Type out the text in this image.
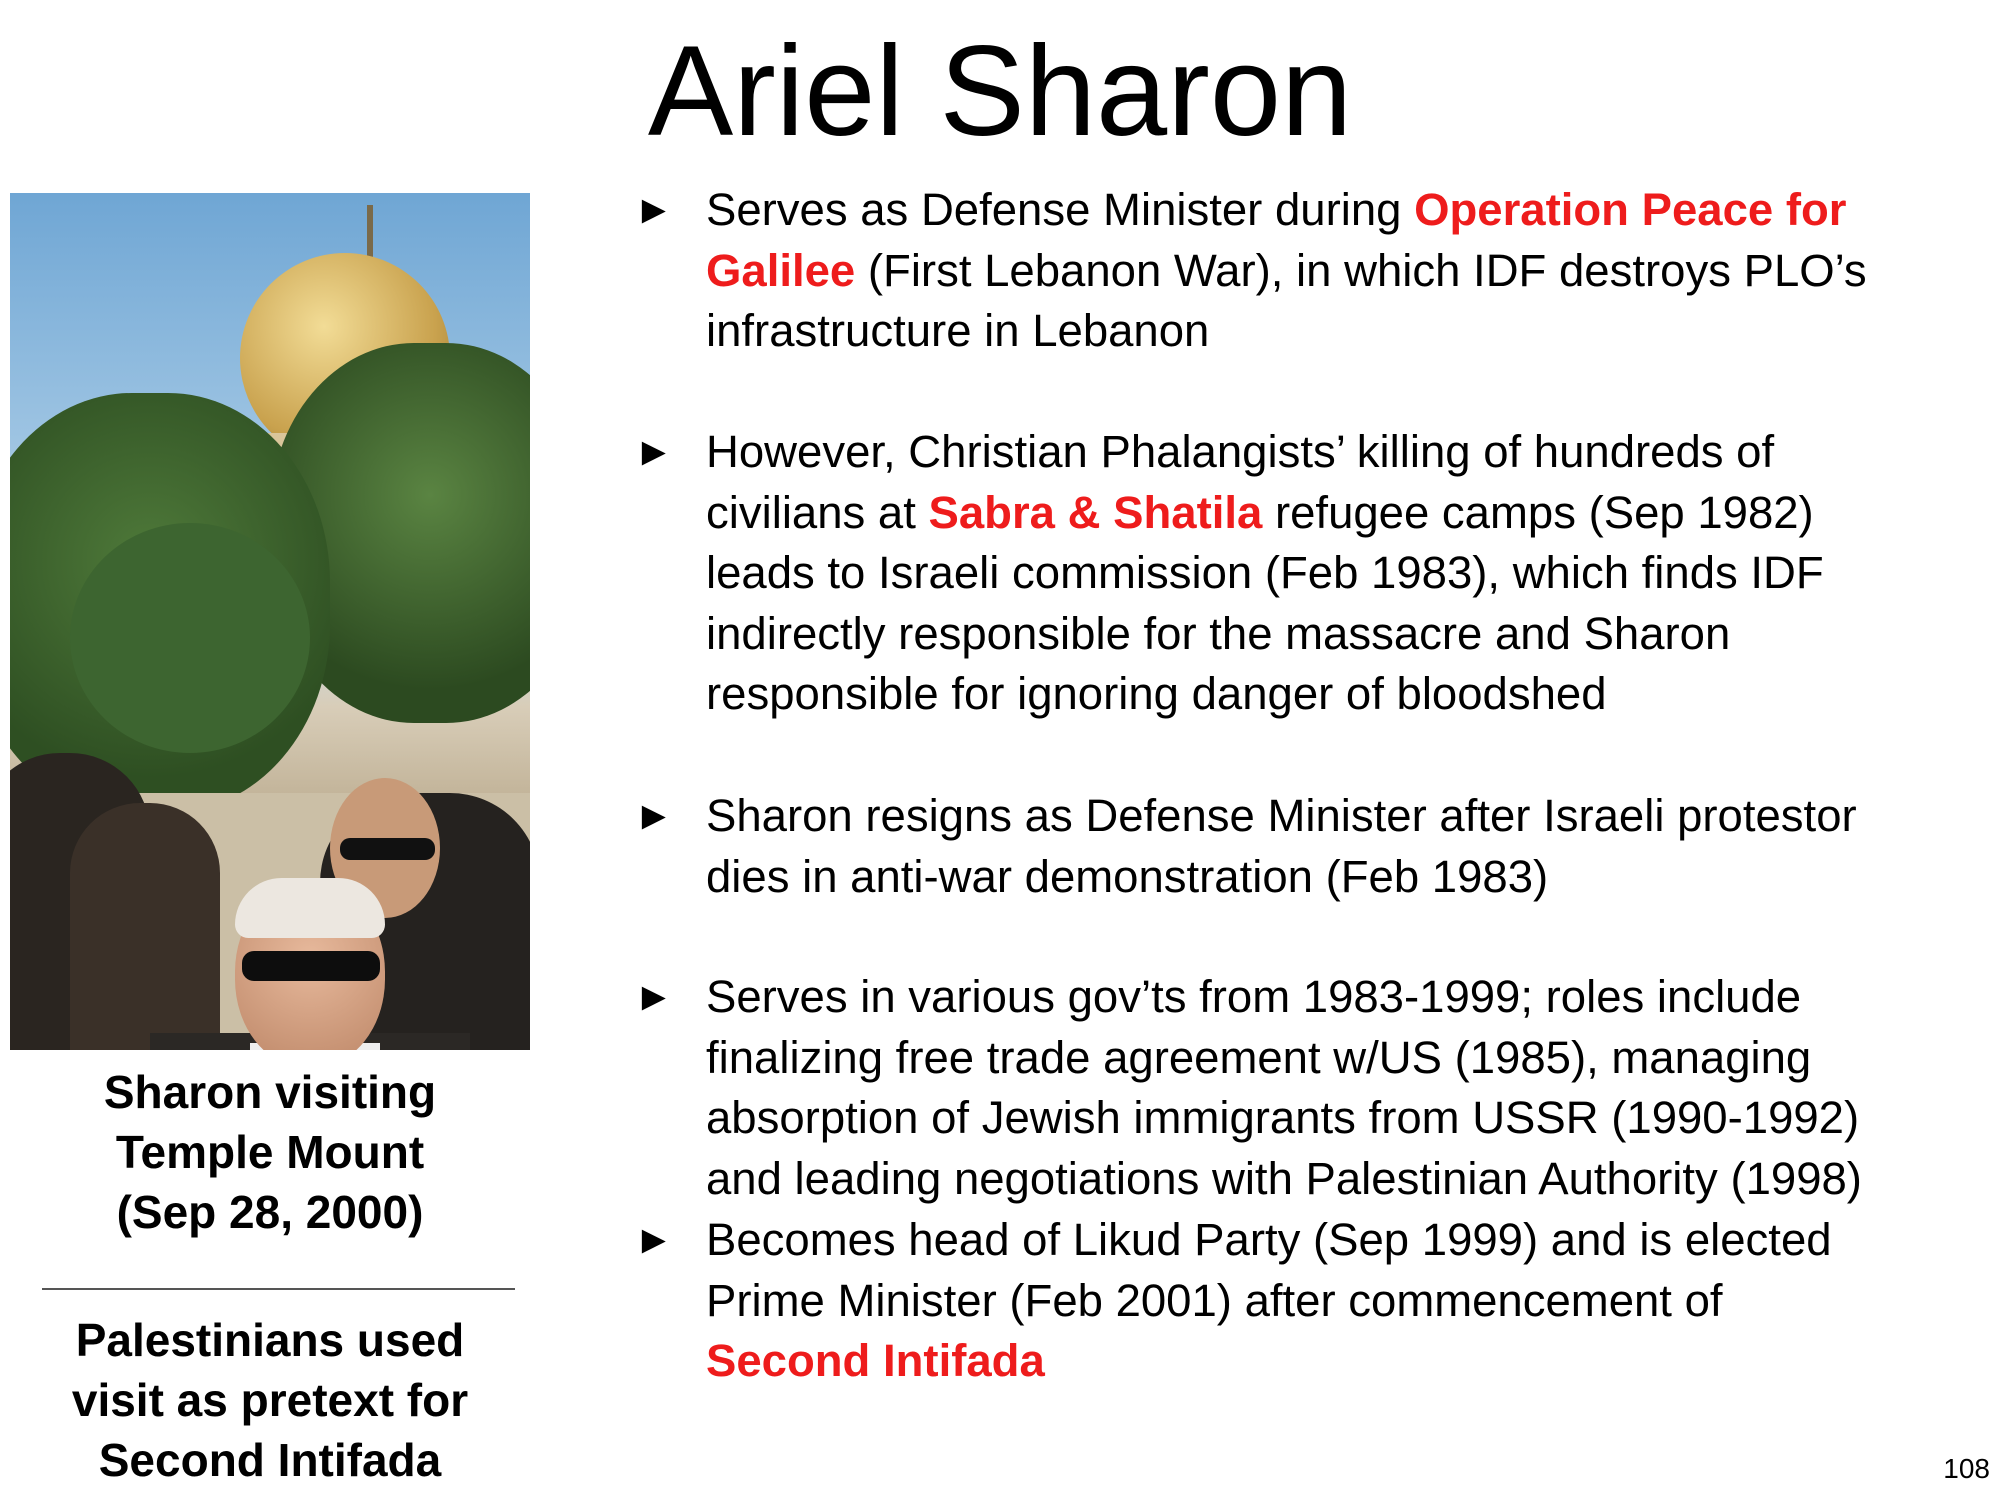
Ariel Sharon
Sharon visiting
Temple Mount
(Sep 28, 2000)
Palestinians used
visit as pretext for
Second Intifada
► Serves as Defense Minister during Operation Peace for
Galilee (First Lebanon War), in which IDF destroys PLO’s
infrastructure in Lebanon
► However, Christian Phalangists’ killing of hundreds of
civilians at Sabra & Shatila refugee camps (Sep 1982)
leads to Israeli commission (Feb 1983), which finds IDF
indirectly responsible for the massacre and Sharon
responsible for ignoring danger of bloodshed
► Sharon resigns as Defense Minister after Israeli protestor
dies in anti-war demonstration (Feb 1983)
► Serves in various gov’ts from 1983-1999; roles include
finalizing free trade agreement w/US (1985), managing
absorption of Jewish immigrants from USSR (1990-1992)
and leading negotiations with Palestinian Authority (1998)
► Becomes head of Likud Party (Sep 1999) and is elected
Prime Minister (Feb 2001) after commencement of
Second Intifada
108
